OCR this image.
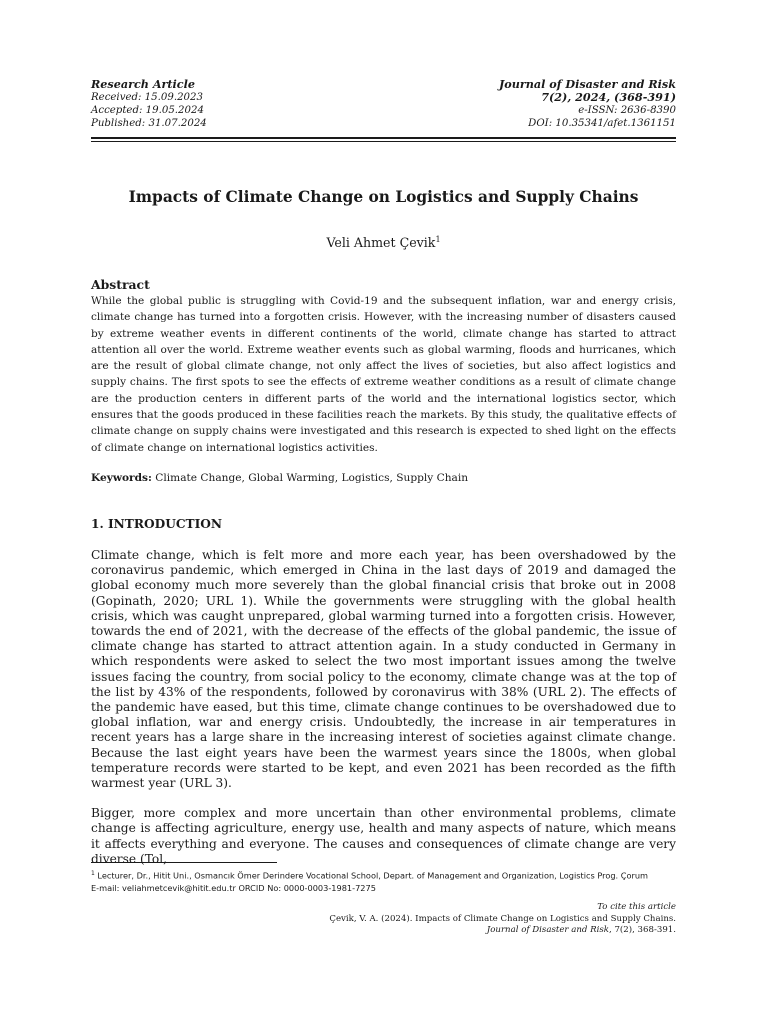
Research Article
Received: 15.09.2023
Accepted: 19.05.2024
Published: 31.07.2024
Journal of Disaster and Risk
7(2), 2024, (368-391)
e-ISSN: 2636-8390
DOI: 10.35341/afet.1361151
Impacts of Climate Change on Logistics and Supply Chains
Veli Ahmet Çevik$^1$
Abstract

While the global public is struggling with Covid-19 and the subsequent inflation, war and energy crisis, climate change has turned into a forgotten crisis. However, with the increasing number of disasters caused by extreme weather events in different continents of the world, climate change has started to attract attention all over the world. Extreme weather events such as global warming, floods and hurricanes, which are the result of global climate change, not only affect the lives of societies, but also affect logistics and supply chains. The first spots to see the effects of extreme weather conditions as a result of climate change are the production centers in different parts of the world and the international logistics sector, which ensures that the goods produced in these facilities reach the markets. By this study, the qualitative effects of climate change on supply chains were investigated and this research is expected to shed light on the effects of climate change on international logistics activities.

Keywords: Climate Change, Global Warming, Logistics, Supply Chain
1. INTRODUCTION

Climate change, which is felt more and more each year, has been overshadowed by the coronavirus pandemic, which emerged in China in the last days of 2019 and damaged the global economy much more severely than the global financial crisis that broke out in 2008 (Gopinath, 2020; URL 1). While the governments were struggling with the global health crisis, which was caught unprepared, global warming turned into a forgotten crisis. However, towards the end of 2021, with the decrease of the effects of the global pandemic, the issue of climate change has started to attract attention again. In a study conducted in Germany in which respondents were asked to select the two most important issues among the twelve issues facing the country, from social policy to the economy, climate change was at the top of the list by 43% of the respondents, followed by coronavirus with 38% (URL 2). The effects of the pandemic have eased, but this time, climate change continues to be overshadowed due to global inflation, war and energy crisis. Undoubtedly, the increase in air temperatures in recent years has a large share in the increasing interest of societies against climate change. Because the last eight years have been the warmest years since the 1800s, when global temperature records were started to be kept, and even 2021 has been recorded as the fifth warmest year (URL 3).

Bigger, more complex and more uncertain than other environmental problems, climate change is affecting agriculture, energy use, health and many aspects of nature, which means it affects everything and everyone. The causes and consequences of climate change are very diverse (Tol,

$^1$ Lecturer, Dr., Hitit Uni., Osmancık Ömer Derindere Vocational School, Depart. of Management and Organization, Logistics Prog. Çorum
E-mail: veliahmetcevik@hitit.edu.tr ORCID No: 0000-0003-1981-7275
To cite this article
Çevik, V. A. (2024). Impacts of Climate Change on Logistics and Supply Chains.
Journal of Disaster and Risk, 7(2), 368-391.
